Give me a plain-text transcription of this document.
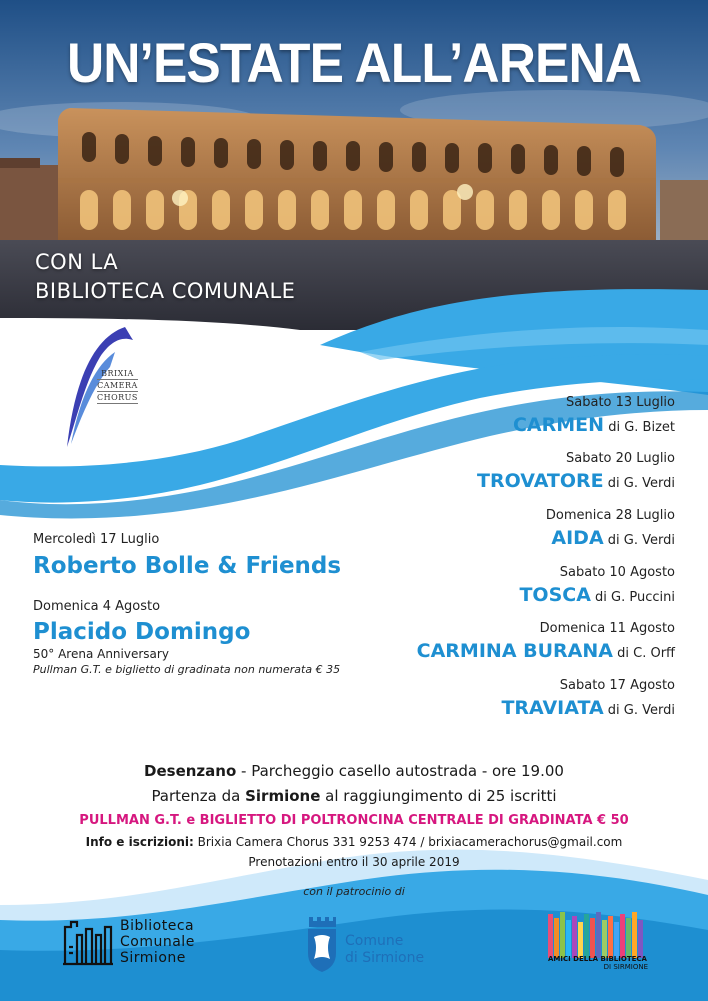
UN’ESTATE ALL’ARENA
CON LA
BIBLIOTECA COMUNALE
BRIXIA
CAMERA
CHORUS	Sabato 13 Luglio
CARMEN di G. Bizet
Sabato 20 Luglio
TROVATORE di G. Verdi
Domenica 28 Luglio
AIDA di G. Verdi
Sabato 10 Agosto
TOSCA di G. Puccini
Domenica 11 Agosto
CARMINA BURANA di C. Orff
Sabato 17 Agosto
TRAVIATA di G. Verdi
Mercoledì 17 Luglio
Roberto Bolle & Friends
Domenica 4 Agosto
Placido Domingo
50° Arena Anniversary
Pullman G.T. e biglietto di gradinata non numerata € 35
Desenzano - Parcheggio casello autostrada - ore 19.00
Partenza da Sirmione al raggiungimento di 25 iscritti
PULLMAN G.T. e BIGLIETTO DI POLTRONCINA CENTRALE DI GRADINATA € 50
Info e iscrizioni: Brixia Camera Chorus 331 9253 474 / brixiacamerachorus@gmail.com
Prenotazioni entro il 30 aprile 2019
con il patrocinio di
Biblioteca
Comunale
Sirmione
Comune
di Sirmione	AMICI DELLA BIBLIOTECA
DI SIRMIONE
